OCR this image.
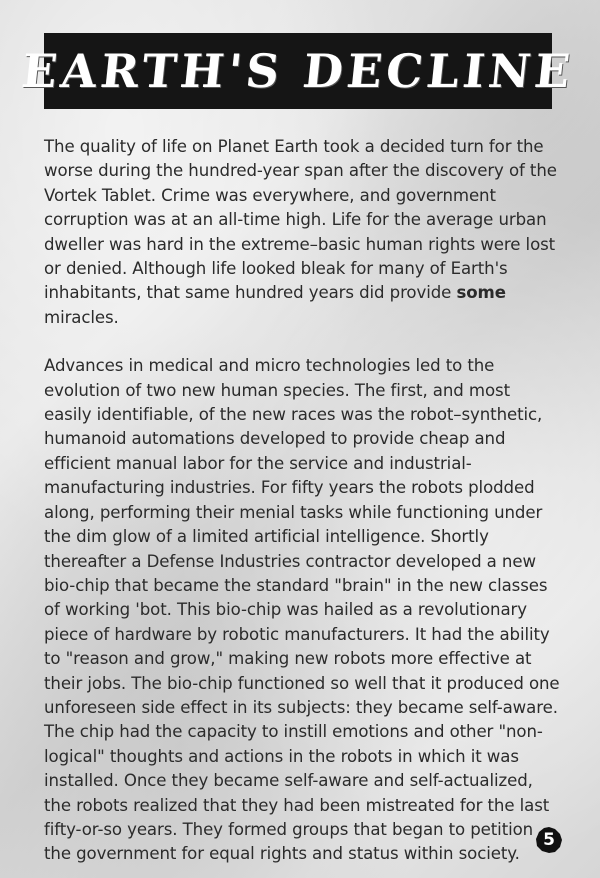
EARTH'S DECLINE

The quality of life on Planet Earth took a decided turn for the worse during the hundred-year span after the discovery of the Vortek Tablet. Crime was everywhere, and government corruption was at an all-time high. Life for the average urban dweller was hard in the extreme–basic human rights were lost or denied. Although life looked bleak for many of Earth's inhabitants, that same hundred years did provide some miracles.

Advances in medical and micro technologies led to the evolution of two new human species. The first, and most easily identifiable, of the new races was the robot–synthetic, humanoid automations developed to provide cheap and efficient manual labor for the service and industrial-manufacturing industries. For fifty years the robots plodded along, performing their menial tasks while functioning under the dim glow of a limited artificial intelligence. Shortly thereafter a Defense Industries contractor developed a new bio-chip that became the standard "brain" in the new classes of working 'bot. This bio-chip was hailed as a revolutionary piece of hardware by robotic manufacturers. It had the ability to "reason and grow," making new robots more effective at their jobs. The bio-chip functioned so well that it produced one unforeseen side effect in its subjects: they became self-aware. The chip had the capacity to instill emotions and other "non-logical" thoughts and actions in the robots in which it was installed. Once they became self-aware and self-actualized, the robots realized that they had been mistreated for the last fifty-or-so years. They formed groups that began to petition the government for equal rights and status within society.

5
